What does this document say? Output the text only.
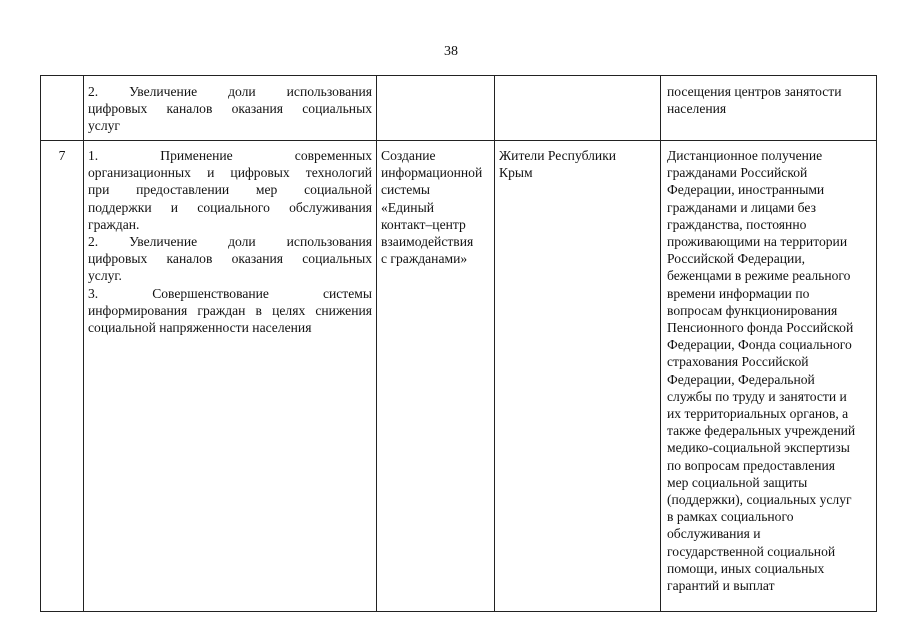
38
2. Увеличение доли использования
цифровых каналов оказания социальных
услуг
посещения центров занятости
населения
7	1. Применение современных
организационных и цифровых технологий
при предоставлении мер социальной
поддержки и социального обслуживания
граждан.
2. Увеличение доли использования
цифровых каналов оказания социальных
услуг.
3. Совершенствование системы
информирования граждан в целях снижения
социальной напряженности населения
Создание
информационной
системы
«Единый
контакт–центр
взаимодействия
с гражданами»
Жители Республики
Крым
Дистанционное получение
гражданами Российской
Федерации, иностранными
гражданами и лицами без
гражданства, постоянно
проживающими на территории
Российской Федерации,
беженцами в режиме реального
времени информации по
вопросам функционирования
Пенсионного фонда Российской
Федерации, Фонда социального
страхования Российской
Федерации, Федеральной
службы по труду и занятости и
их территориальных органов, а
также федеральных учреждений
медико-социальной экспертизы
по вопросам предоставления
мер социальной защиты
(поддержки), социальных услуг
в рамках социального
обслуживания и
государственной социальной
помощи, иных социальных
гарантий и выплат
